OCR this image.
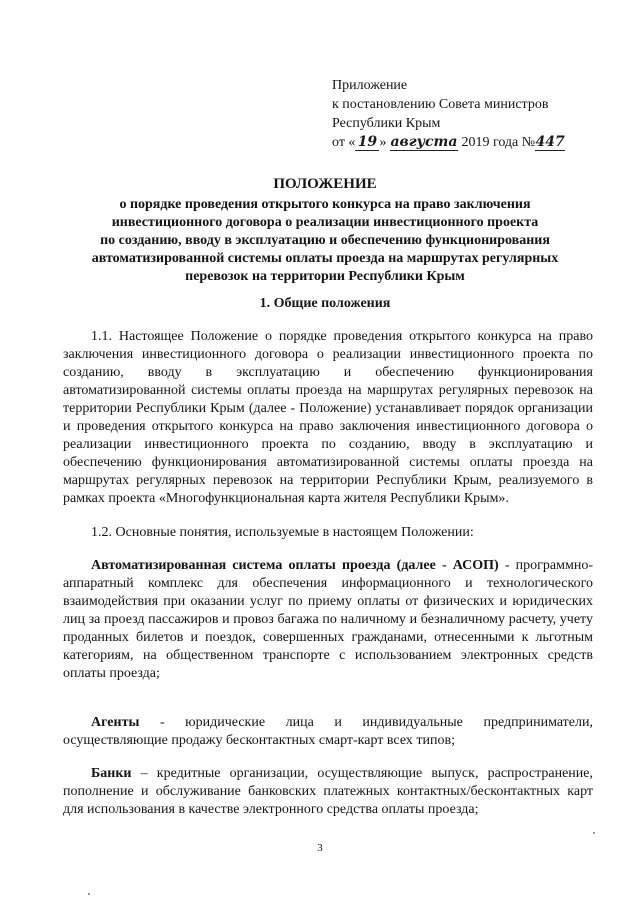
Приложение
к постановлению Совета министров
Республики Крым
от « 19 » августа 2019 года №447
ПОЛОЖЕНИЕ
о порядке проведения открытого конкурса на право заключения
инвестиционного договора о реализации инвестиционного проекта
по созданию, вводу в эксплуатацию и обеспечению функционирования
автоматизированной системы оплаты проезда на маршрутах регулярных
перевозок на территории Республики Крым
1. Общие положения
1.1. Настоящее Положение о порядке проведения открытого конкурса на право заключения инвестиционного договора о реализации инвестиционного проекта по созданию, вводу в эксплуатацию и обеспечению функционирования автоматизированной системы оплаты проезда на маршрутах регулярных перевозок на территории Республики Крым (далее - Положение) устанавливает порядок организации и проведения открытого конкурса на право заключения инвестиционного договора о реализации инвестиционного проекта по созданию, вводу в эксплуатацию и обеспечению функционирования автоматизированной системы оплаты проезда на маршрутах регулярных перевозок на территории Республики Крым, реализуемого в рамках проекта «Многофункциональная карта жителя Республики Крым».
1.2. Основные понятия, используемые в настоящем Положении:
Автоматизированная система оплаты проезда (далее - АСОП) - программно-аппаратный комплекс для обеспечения информационного и технологического взаимодействия при оказании услуг по приему оплаты от физических и юридических лиц за проезд пассажиров и провоз багажа по наличному и безналичному расчету, учету проданных билетов и поездок, совершенных гражданами, отнесенными к льготным категориям, на общественном транспорте с использованием электронных средств оплаты проезда;
Агенты - юридические лица и индивидуальные предприниматели, осуществляющие продажу бесконтактных смарт-карт всех типов;
Банки – кредитные организации, осуществляющие выпуск, распространение, пополнение и обслуживание банковских платежных контактных/бесконтактных карт для использования в качестве электронного средства оплаты проезда;
3
